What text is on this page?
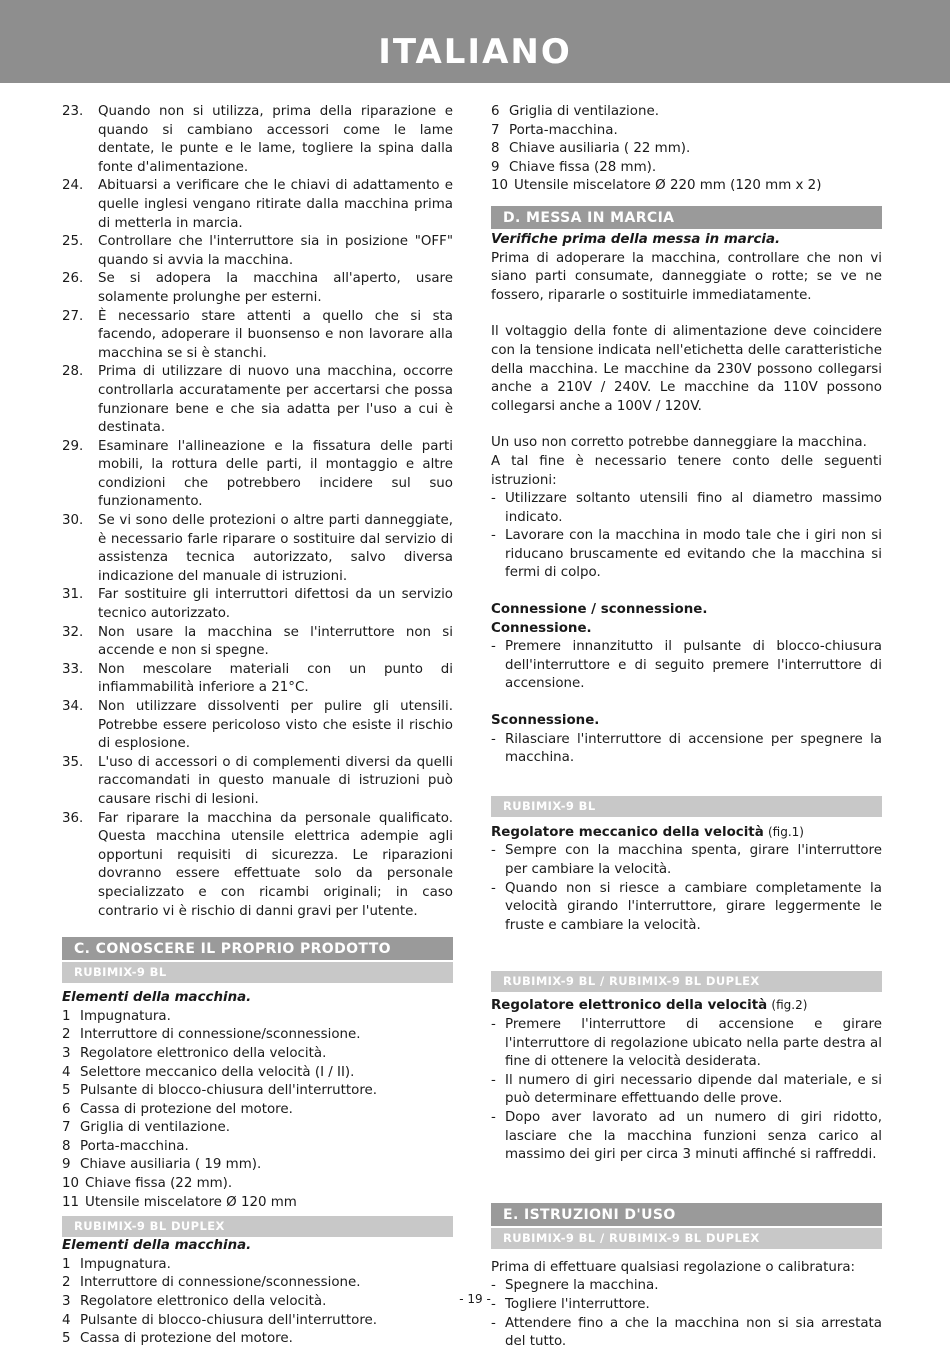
ITALIANO
23.	Quando non si utilizza, prima della riparazione e quando si cambiano accessori come le lame dentate, le punte e le lame, togliere la spina dalla fonte d'alimentazione.
24.	Abituarsi a verificare che le chiavi di adattamento e quelle inglesi vengano ritirate dalla macchina prima di metterla in marcia.
25.	Controllare che l'interruttore sia in posizione "OFF" quando si avvia la macchina.
26.	Se si adopera la macchina all'aperto, usare solamente prolunghe per esterni.
27.	È necessario stare attenti a quello che si sta facendo, adoperare il buonsenso e non lavorare alla macchina se si è stanchi.
28.	Prima di utilizzare di nuovo una macchina, occorre controllarla accuratamente per accertarsi che possa funzionare bene e che sia adatta per l'uso a cui è destinata.
29.	Esaminare l'allineazione e la fissatura delle parti mobili, la rottura delle parti, il montaggio e altre condizioni che potrebbero incidere sul suo funzionamento.
30.	Se vi sono delle protezioni o altre parti danneggiate, è necessario farle riparare o sostituire dal servizio di assistenza tecnica autorizzato, salvo diversa indicazione del manuale di istruzioni.
31.	Far sostituire gli interruttori difettosi da un servizio tecnico autorizzato.
32.	Non usare la macchina se l'interruttore non si accende e non si spegne.
33.	Non mescolare materiali con un punto di infiammabilità inferiore a 21°C.
34.	Non utilizzare dissolventi per pulire gli utensili. Potrebbe essere pericoloso visto che esiste il rischio di esplosione.
35.	L'uso di accessori o di complementi diversi da quelli raccomandati in questo manuale di istruzioni può causare rischi di lesioni.
36.	Far riparare la macchina da personale qualificato. Questa macchina utensile elettrica adempie agli opportuni requisiti di sicurezza. Le riparazioni dovranno essere effettuate solo da personale specializzato e con ricambi originali; in caso contrario vi è rischio di danni gravi per l'utente.
C. CONOSCERE IL PROPRIO PRODOTTO
RUBIMIX-9 BL
Elementi della macchina.
1 Impugnatura.
2 Interruttore di connessione/sconnessione.
3 Regolatore elettronico della velocità.
4 Selettore meccanico della velocità (I / II).
5 Pulsante di blocco-chiusura dell'interruttore.
6 Cassa di protezione del motore.
7 Griglia di ventilazione.
8 Porta-macchina.
9 Chiave ausiliaria ( 19 mm).
10 Chiave fissa (22 mm).
11 Utensile miscelatore Ø 120 mm
RUBIMIX-9 BL DUPLEX
Elementi della macchina.
1 Impugnatura.
2 Interruttore di connessione/sconnessione.
3 Regolatore elettronico della velocità.
4 Pulsante di blocco-chiusura dell'interruttore.
5 Cassa di protezione del motore.
6 Griglia di ventilazione.
7 Porta-macchina.
8 Chiave ausiliaria ( 22 mm).
9 Chiave fissa (28 mm).
10 Utensile miscelatore Ø 220 mm (120 mm x 2)
D. MESSA IN MARCIA
Verifiche prima della messa in marcia.

Prima di adoperare la macchina, controllare che non vi siano parti consumate, danneggiate o rotte; se ve ne fossero, ripararle o sostituirle immediatamente.

Il voltaggio della fonte di alimentazione deve coincidere con la tensione indicata nell'etichetta delle caratteristiche della macchina. Le macchine da 230V possono collegarsi anche a 210V / 240V. Le macchine da 110V possono collegarsi anche a 100V / 120V.

Un uso non corretto potrebbe danneggiare la macchina.

A tal fine è necessario tenere conto delle seguenti istruzioni:

- Utilizzare soltanto utensili fino al diametro massimo indicato.
- Lavorare con la macchina in modo tale che i giri non si riducano bruscamente ed evitando che la macchina si fermi di colpo.
Connessione / sconnessione.
Connessione.
- Premere innanzitutto il pulsante di blocco-chiusura dell'interruttore e di seguito premere l'interruttore di accensione.
Sconnessione.
- Rilasciare l'interruttore di accensione per spegnere la macchina.
RUBIMIX-9 BL
Regolatore meccanico della velocità (fig.1)
- Sempre con la macchina spenta, girare l'interruttore per cambiare la velocità.
- Quando non si riesce a cambiare completamente la velocità girando l'interruttore, girare leggermente le fruste e cambiare la velocità.
RUBIMIX-9 BL / RUBIMIX-9 BL DUPLEX
Regolatore elettronico della velocità (fig.2)
- Premere l'interruttore di accensione e girare l'interruttore di regolazione ubicato nella parte destra al fine di ottenere la velocità desiderata.
- Il numero di giri necessario dipende dal materiale, e si può determinare effettuando delle prove.
- Dopo aver lavorato ad un numero di giri ridotto, lasciare che la macchina funzioni senza carico al massimo dei giri per circa 3 minuti affinché si raffreddi.
E. ISTRUZIONI D'USO
RUBIMIX-9 BL / RUBIMIX-9 BL DUPLEX

Prima di effettuare qualsiasi regolazione o calibratura:

- Spegnere la macchina.
- Togliere l'interruttore.
- Attendere fino a che la macchina non si sia arrestata del tutto.
- 19 -
